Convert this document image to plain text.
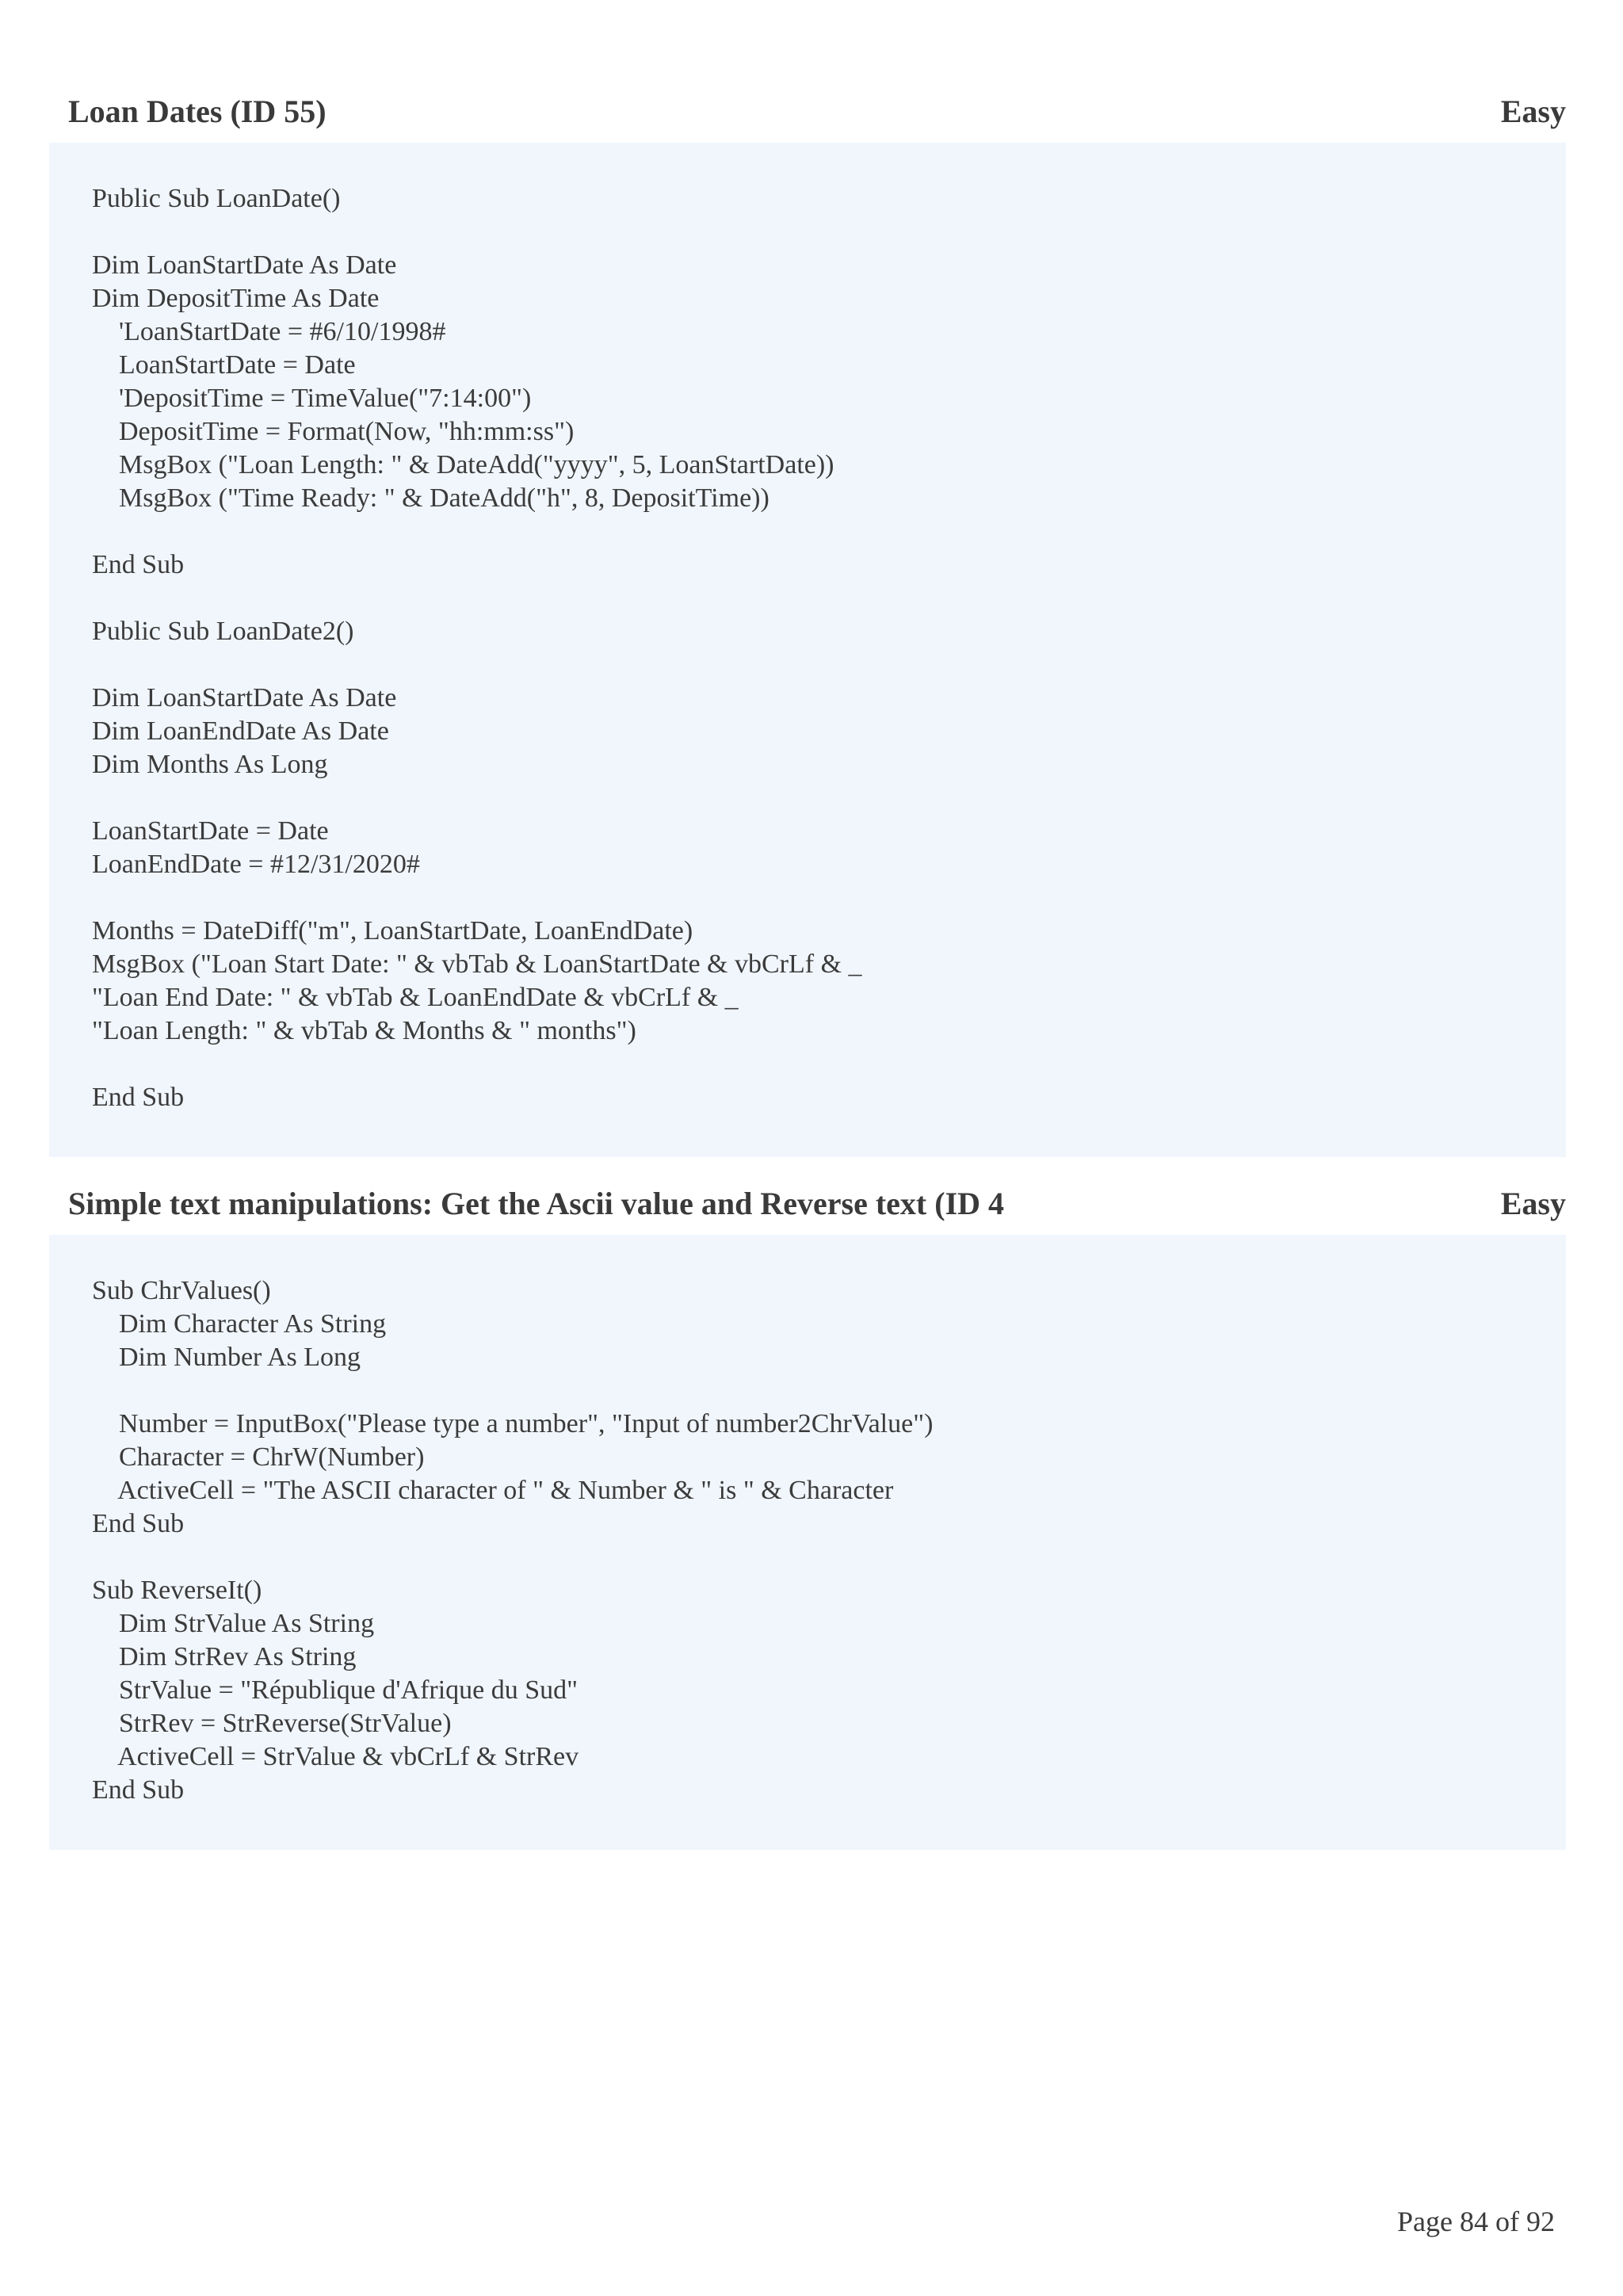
Loan Dates (ID 55)	Easy
Public Sub LoanDate()
Dim LoanStartDate As Date
Dim DepositTime As Date
'LoanStartDate = #6/10/1998#
LoanStartDate = Date
'DepositTime = TimeValue("7:14:00")
DepositTime = Format(Now, "hh:mm:ss")
MsgBox ("Loan Length: " & DateAdd("yyyy", 5, LoanStartDate))
MsgBox ("Time Ready: " & DateAdd("h", 8, DepositTime))
End Sub
Public Sub LoanDate2()
Dim LoanStartDate As Date
Dim LoanEndDate As Date
Dim Months As Long
LoanStartDate = Date
LoanEndDate = #12/31/2020#
Months = DateDiff("m", LoanStartDate, LoanEndDate)
MsgBox ("Loan Start Date: " & vbTab & LoanStartDate & vbCrLf & _
"Loan End Date: " & vbTab & LoanEndDate & vbCrLf & _
"Loan Length: " & vbTab & Months & " months")
End Sub
Simple text manipulations: Get the Ascii value and Reverse text (ID 4	Easy
Sub ChrValues()
Dim Character As String
Dim Number As Long
Number = InputBox("Please type a number", "Input of number2ChrValue")
Character = ChrW(Number)
ActiveCell = "The ASCII character of " & Number & " is " & Character
End Sub
Sub ReverseIt()
Dim StrValue As String
Dim StrRev As String
StrValue = "République d'Afrique du Sud"
StrRev = StrReverse(StrValue)
ActiveCell = StrValue & vbCrLf & StrRev
End Sub
Page 84 of 92
